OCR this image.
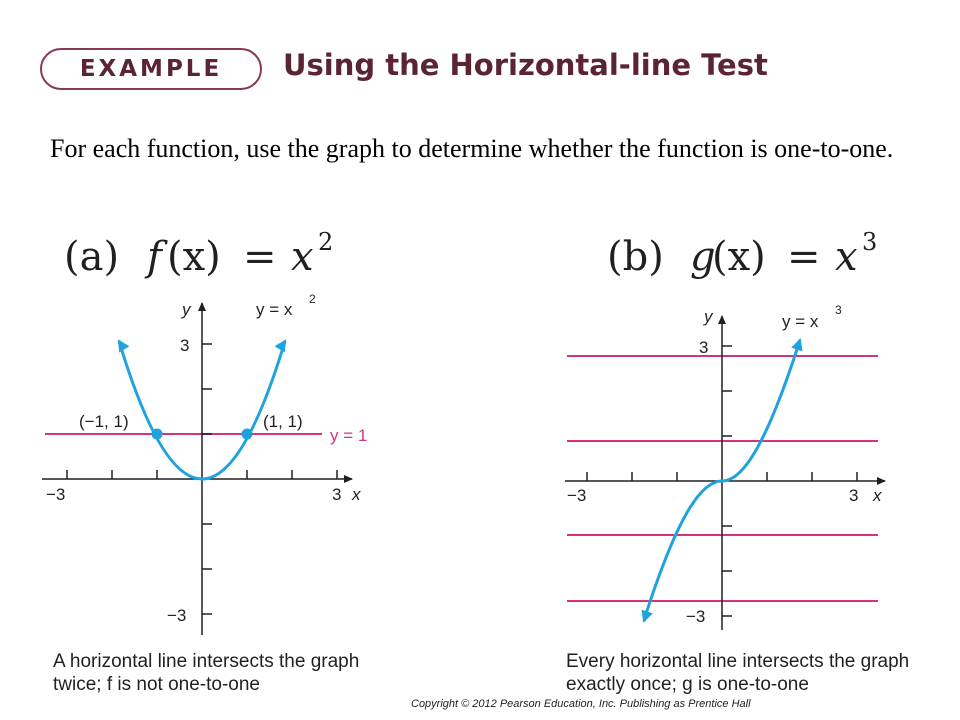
EXAMPLE	Using the Horizontal-line Test
For each function, use the graph to determine whether the function is one-to-one.
(a) f (x) = x 2	(b) g
(x) = x 3
(−1, 1)	(1, 1)
y = 1
y = x
2
y
x
−3	3
3
−3
y = x
3
y
x
−3	3
3
−3
A horizontal line intersects the graph
twice; f is not one-to-one
Every horizontal line intersects the graph
exactly once; g is one-to-one
Copyright © 2012 Pearson Education, Inc. Publishing as Prentice Hall
